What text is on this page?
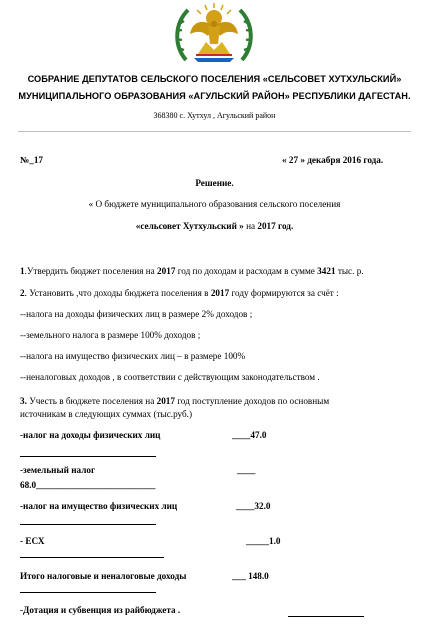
СОБРАНИЕ ДЕПУТАТОВ СЕЛЬСКОГО ПОСЕЛЕНИЯ «СЕЛЬСОВЕТ ХУТХУЛЬСКИЙ»
МУНИЦИПАЛЬНОГО ОБРАЗОВАНИЯ «АГУЛЬСКИЙ РАЙОН» РЕСПУБЛИКИ ДАГЕСТАН.
368380 с. Хутхул , Агульский район
№_17	« 27 » декабря 2016 года.
Решение.
« О бюджете муниципального образования сельского поселения
«сельсовет Хутхульский » на 2017 год.
1.Утвердить бюджет поселения на 2017 год по доходам и расходам в сумме 3421 тыс. р.
2. Установить ,что доходы бюджета поселения в 2017 году формируются за счёт :
--налога на доходы физических лиц в размере 2% доходов ;
--земельного налога в размере 100% доходов ;
--налога на имущество физических лиц – в размере 100%
--неналоговых доходов , в соответствии с действующим законодательством .
3. Учесть в бюджете поселения на 2017 год поступление доходов по основным
источникам в следующих суммах (тыс.руб.)
-налог на доходы физических лиц	____47.0
-земельный налог	____
68.0__________________________
-налог на имущество физических лиц	____32.0
- ЕСХ	_____1.0
Итого налоговые и неналоговые доходы	___ 148.0
-Дотация и субвенция из райбюджета .
